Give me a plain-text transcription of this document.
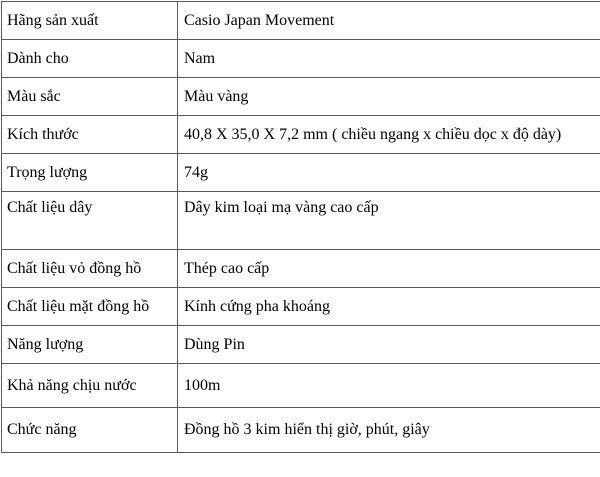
Hãng sản xuất	Casio Japan Movement
Dành cho	Nam
Màu sắc	Màu vàng
Kích thước	40,8 X 35,0 X 7,2 mm ( chiều ngang x chiều dọc x độ dày)
Trọng lượng	74g
Chất liệu dây	Dây kim loại mạ vàng cao cấp
Chất liệu vỏ đồng hồ	Thép cao cấp
Chất liệu mặt đồng hồ	Kính cứng pha khoáng
Năng lượng	Dùng Pin
Khả năng chịu nước	100m
Chức năng	Đồng hồ 3 kim hiển thị giờ, phút, giây
